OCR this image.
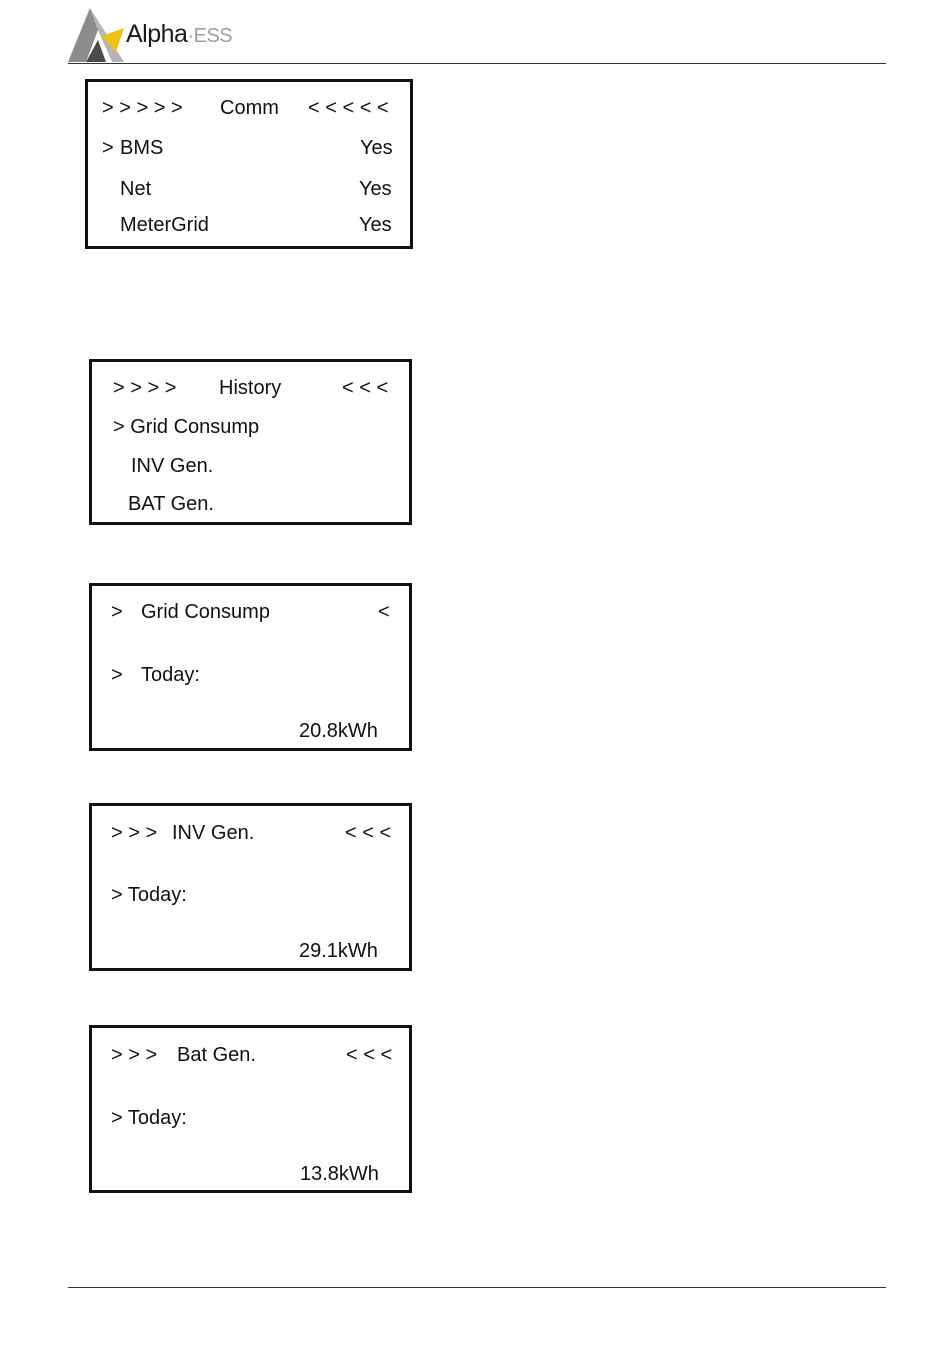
Alpha·ESS
> > > > > Comm < < < < <
> BMS	Yes
Net	Yes
MeterGrid	Yes
> > > > History	< < <
> Grid Consump
INV Gen.
BAT Gen.
> Grid Consump	<
> Today:
20.8kWh
> > > INV Gen.	< < <
> Today:
29.1kWh
> > > Bat Gen.	< < <
> Today:
13.8kWh
